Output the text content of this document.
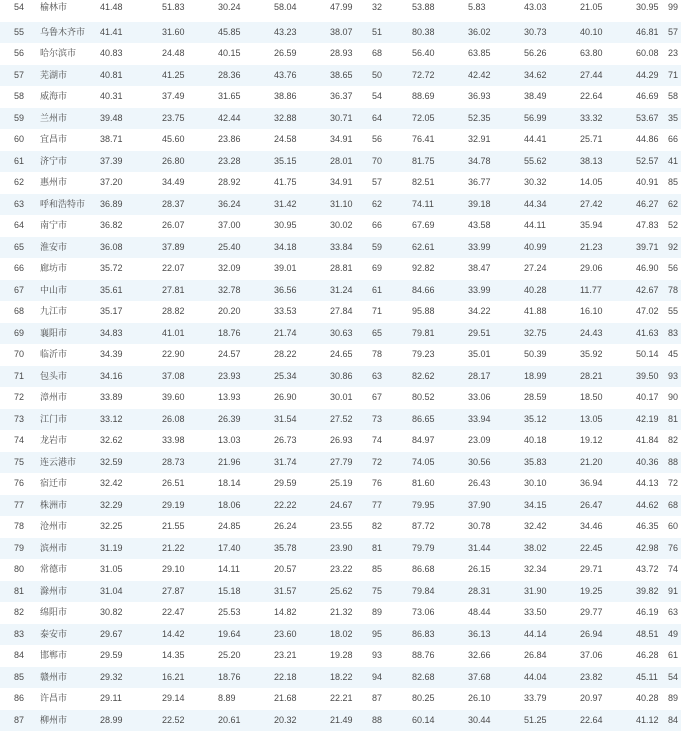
54	榆林市	41.48	51.83	30.24	58.04	47.99	32	53.88	5.83	43.03	21.05	30.95	99
55	乌鲁木齐市	41.41	31.60	45.85	43.23	38.07	51	80.38	36.02	30.73	40.10	46.81	57
56	哈尔滨市	40.83	24.48	40.15	26.59	28.93	68	56.40	63.85	56.26	63.80	60.08	23
57	芜湖市	40.81	41.25	28.36	43.76	38.65	50	72.72	42.42	34.62	27.44	44.29	71
58	威海市	40.31	37.49	31.65	38.86	36.37	54	88.69	36.93	38.49	22.64	46.69	58
59	兰州市	39.48	23.75	42.44	32.88	30.71	64	72.05	52.35	56.99	33.32	53.67	35
60	宜昌市	38.71	45.60	23.86	24.58	34.91	56	76.41	32.91	44.41	25.71	44.86	66
61	济宁市	37.39	26.80	23.28	35.15	28.01	70	81.75	34.78	55.62	38.13	52.57	41
62	惠州市	37.20	34.49	28.92	41.75	34.91	57	82.51	36.77	30.32	14.05	40.91	85
63	呼和浩特市	36.89	28.37	36.24	31.42	31.10	62	74.11	39.18	44.34	27.42	46.27	62
64	南宁市	36.82	26.07	37.00	30.95	30.02	66	67.69	43.58	44.11	35.94	47.83	52
65	淮安市	36.08	37.89	25.40	34.18	33.84	59	62.61	33.99	40.99	21.23	39.71	92
66	廊坊市	35.72	22.07	32.09	39.01	28.81	69	92.82	38.47	27.24	29.06	46.90	56
67	中山市	35.61	27.81	32.78	36.56	31.24	61	84.66	33.99	40.28	11.77	42.67	78
68	九江市	35.17	28.82	20.20	33.53	27.84	71	95.88	34.22	41.88	16.10	47.02	55
69	襄阳市	34.83	41.01	18.76	21.74	30.63	65	79.81	29.51	32.75	24.43	41.63	83
70	临沂市	34.39	22.90	24.57	28.22	24.65	78	79.23	35.01	50.39	35.92	50.14	45
71	包头市	34.16	37.08	23.93	25.34	30.86	63	82.62	28.17	18.99	28.21	39.50	93
72	漳州市	33.89	39.60	13.93	26.90	30.01	67	80.52	33.06	28.59	18.50	40.17	90
73	江门市	33.12	26.08	26.39	31.54	27.52	73	86.65	33.94	35.12	13.05	42.19	81
74	龙岩市	32.62	33.98	13.03	26.73	26.93	74	84.97	23.09	40.18	19.12	41.84	82
75	连云港市	32.59	28.73	21.96	31.74	27.79	72	74.05	30.56	35.83	21.20	40.36	88
76	宿迁市	32.42	26.51	18.14	29.59	25.19	76	81.60	26.43	30.10	36.94	44.13	72
77	株洲市	32.29	29.19	18.06	22.22	24.67	77	79.95	37.90	34.15	26.47	44.62	68
78	沧州市	32.25	21.55	24.85	26.24	23.55	82	87.72	30.78	32.42	34.46	46.35	60
79	滨州市	31.19	21.22	17.40	35.78	23.90	81	79.79	31.44	38.02	22.45	42.98	76
80	常德市	31.05	29.10	14.11	20.57	23.22	85	86.68	26.15	32.34	29.71	43.72	74
81	滁州市	31.04	27.87	15.18	31.57	25.62	75	79.84	28.31	31.90	19.25	39.82	91
82	绵阳市	30.82	22.47	25.53	14.82	21.32	89	73.06	48.44	33.50	29.77	46.19	63
83	泰安市	29.67	14.42	19.64	23.60	18.02	95	86.83	36.13	44.14	26.94	48.51	49
84	邯郸市	29.59	14.35	25.20	23.21	19.28	93	88.76	32.66	26.84	37.06	46.28	61
85	赣州市	29.32	16.21	18.76	22.18	18.22	94	82.68	37.68	44.04	23.82	45.11	54
86	许昌市	29.11	29.14	8.89	21.68	22.21	87	80.25	26.10	33.79	20.97	40.28	89
87	柳州市	28.99	22.52	20.61	20.32	21.49	88	60.14	30.44	51.25	22.64	41.12	84
